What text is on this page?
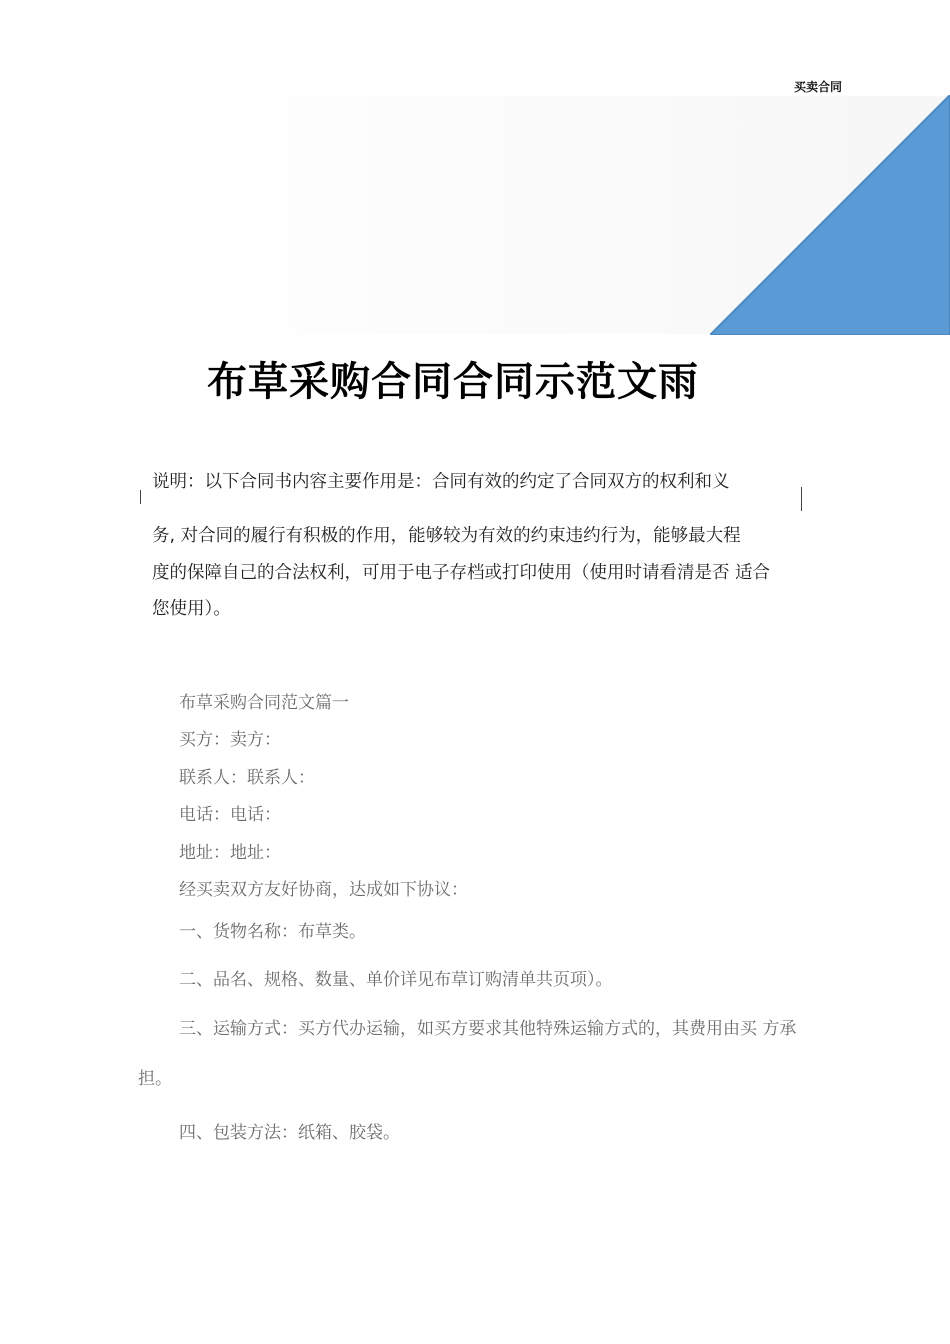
买卖合同
布草采购合同合同示范文雨
说明：以下合同书内容主要作用是：合同有效的约定了合同双方的权利和义
务, 对合同的履行有积极的作用，能够较为有效的约束违约行为，能够最大程
度的保障自己的合法权利，可用于电子存档或打印使用（使用时请看清是否 适合
您使用）。
布草采购合同范文篇一
买方：卖方：
联系人：联系人：
电话：电话：
地址：地址：
经买卖双方友好协商，达成如下协议：
一、货物名称：布草类。
二、品名、规格、数量、单价详见布草订购清单共页项）。
三、运输方式：买方代办运输，如买方要求其他特殊运输方式的，其费用由买 方承
担。
四、包装方法：纸箱、胶袋。
